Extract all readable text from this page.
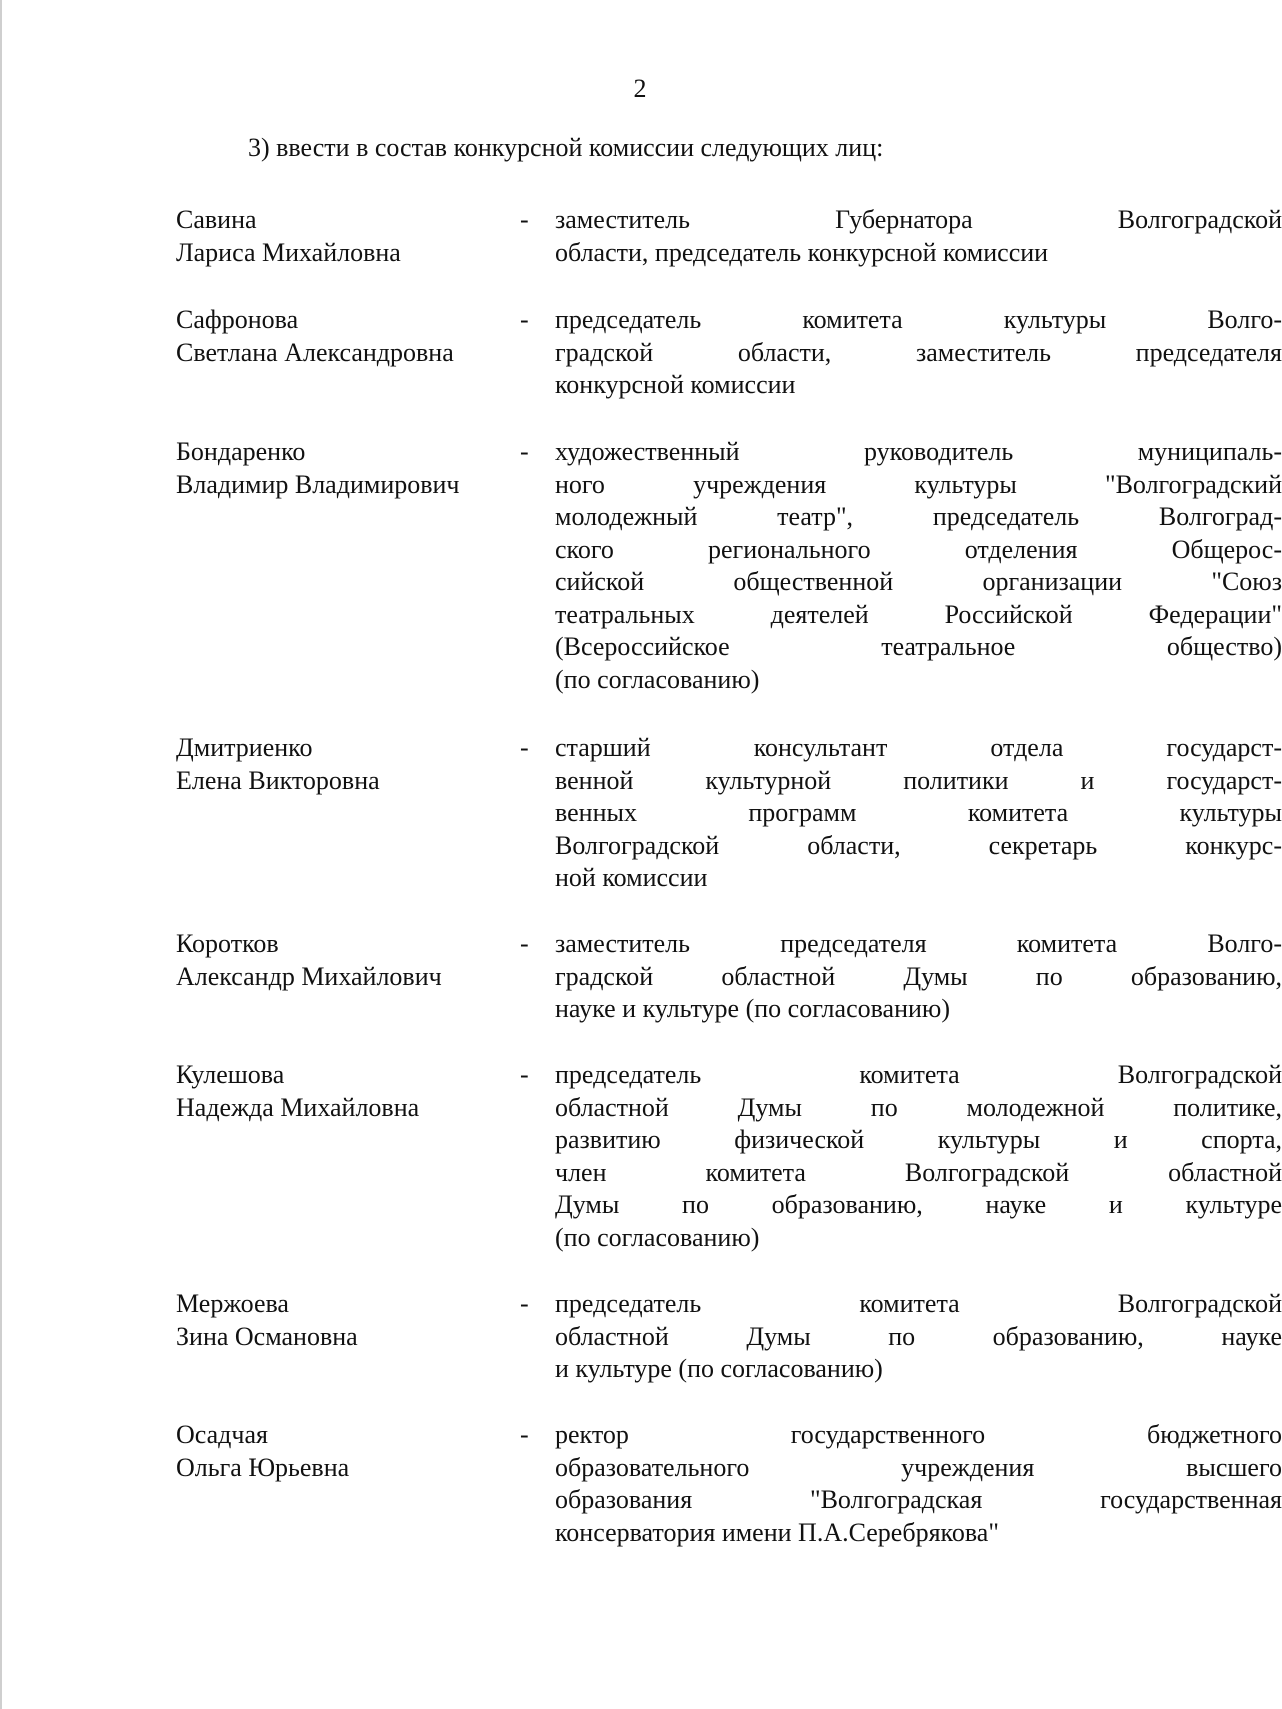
2
3) ввести в состав конкурсной комиссии следующих лиц:
Савина
Лариса Михайловна
- заместитель Губернатора Волгоградской
области, председатель конкурсной комиссии
Сафронова
Светлана Александровна
- председатель комитета культуры Волго-
градской области, заместитель председателя
конкурсной комиссии
Бондаренко
Владимир Владимирович
- художественный руководитель муниципаль-
ного учреждения культуры "Волгоградский
молодежный театр", председатель Волгоград-
ского регионального отделения Общерос-
сийской общественной организации "Союз
театральных деятелей Российской Федерации"
(Всероссийское театральное общество)
(по согласованию)
Дмитриенко
Елена Викторовна
- старший консультант отдела государст-
венной культурной политики и государст-
венных программ комитета культуры
Волгоградской области, секретарь конкурс-
ной комиссии
Коротков
Александр Михайлович
- заместитель председателя комитета Волго-
градской областной Думы по образованию,
науке и культуре (по согласованию)
Кулешова
Надежда Михайловна
- председатель комитета Волгоградской
областной Думы по молодежной политике,
развитию физической культуры и спорта,
член комитета Волгоградской областной
Думы по образованию, науке и культуре
(по согласованию)
Мержоева
Зина Османовна
- председатель комитета Волгоградской
областной Думы по образованию, науке
и культуре (по согласованию)
Осадчая
Ольга Юрьевна
- ректор государственного бюджетного
образовательного учреждения высшего
образования "Волгоградская государственная
консерватория имени П.А.Серебрякова"
